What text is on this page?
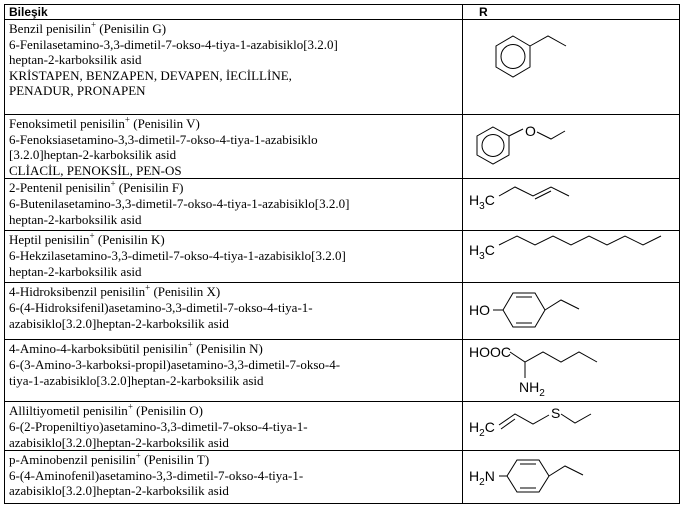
Bileşik	R

Benzil penisilin+ (Penisilin G)
6-Fenilasetamino-3,3-dimetil-7-okso-4-tiya-1-azabisiklo[3.2.0]
heptan-2-karboksilik asid
KRİSTAPEN, BENZAPEN, DEVAPEN, İECİLLİNE,
PENADUR, PRONAPEN

Fenoksimetil penisilin+ (Penisilin V)
6-Fenoksiasetamino-3,3-dimetil-7-okso-4-tiya-1-azabisiklo
[3.2.0]heptan-2-karboksilik asid
CLİACİL, PENOKSİL, PEN-OS	O

2-Pentenil penisilin+ (Penisilin F)
6-Butenilasetamino-3,3-dimetil-7-okso-4-tiya-1-azabisiklo[3.2.0]
heptan-2-karboksilik asid	$H_3C$

Heptil penisilin+ (Penisilin K)
6-Hekzilasetamino-3,3-dimetil-7-okso-4-tiya-1-azabisiklo[3.2.0]
heptan-2-karboksilik asid	$H_3C$

4-Hidroksibenzil penisilin+ (Penisilin X)
6-(4-Hidroksifenil)asetamino-3,3-dimetil-7-okso-4-tiya-1-
azabisiklo[3.2.0]heptan-2-karboksilik asid	HO

4-Amino-4-karboksibütil penisilin+ (Penisilin N)
6-(3-Amino-3-karboksi-propil)asetamino-3,3-dimetil-7-okso-4-
tiya-1-azabisiklo[3.2.0]heptan-2-karboksilik asid	HOOC
$NH_2$

Alliltiyometil penisilin+ (Penisilin O)
6-(2-Propeniltiyo)asetamino-3,3-dimetil-7-okso-4-tiya-1-
azabisiklo[3.2.0]heptan-2-karboksilik asid	$H_2C$
S

p-Aminobenzil penisilin+ (Penisilin T)
6-(4-Aminofenil)asetamino-3,3-dimetil-7-okso-4-tiya-1-
azabisiklo[3.2.0]heptan-2-karboksilik asid	$H_2N$
